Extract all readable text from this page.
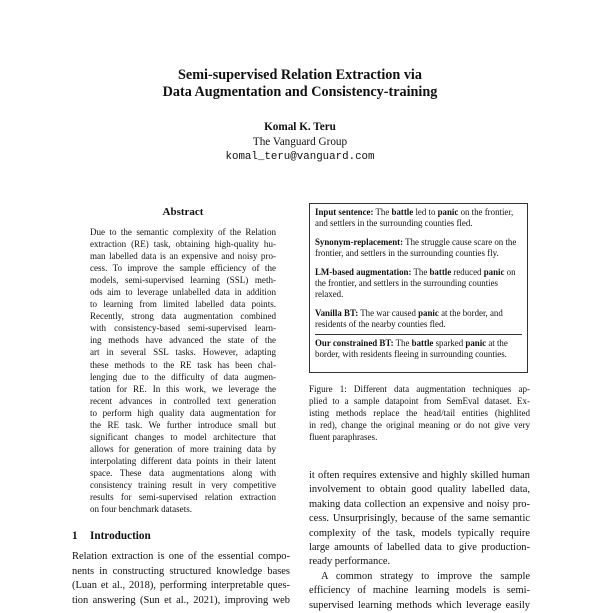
Semi-supervised Relation Extraction via
Data Augmentation and Consistency-training
Komal K. Teru
The Vanguard Group
komal_teru@vanguard.com
Abstract
Due to the semantic complexity of the Relation
extraction (RE) task, obtaining high-quality hu-
man labelled data is an expensive and noisy pro-
cess. To improve the sample efficiency of the
models, semi-supervised learning (SSL) meth-
ods aim to leverage unlabelled data in addition
to learning from limited labelled data points.
Recently, strong data augmentation combined
with consistency-based semi-supervised learn-
ing methods have advanced the state of the
art in several SSL tasks. However, adapting
these methods to the RE task has been chal-
lenging due to the difficulty of data augmen-
tation for RE. In this work, we leverage the
recent advances in controlled text generation
to perform high quality data augmentation for
the RE task. We further introduce small but
significant changes to model architecture that
allows for generation of more training data by
interpolating different data points in their latent
space. These data augmentations along with
consistency training result in very competitive
results for semi-supervised relation extraction
on four benchmark datasets.
1 Introduction
Relation extraction is one of the essential compo-
nents in constructing structured knowledge bases
(Luan et al., 2018), performing interpretable ques-
tion answering (Sun et al., 2021), improving web
Input sentence: The battle led to panic on the frontier, and settlers in the surrounding counties fled.
Synonym-replacement: The struggle cause scare on the frontier, and settlers in the surrounding counties fly.
LM-based augmentation: The battle reduced panic on the frontier, and settlers in the surrounding counties relaxed.
Vanilla BT: The war caused panic at the border, and residents of the nearby counties fled.
Our constrained BT: The battle sparked panic at the border, with residents fleeing in surrounding counties.
Figure 1: Different data augmentation techniques ap-
plied to a sample datapoint from SemEval dataset. Ex-
isting methods replace the head/tail entities (highlited
in red), change the original meaning or do not give very
fluent paraphrases.
it often requires extensive and highly skilled human
involvement to obtain good quality labelled data,
making data collection an expensive and noisy pro-
cess. Unsurprisingly, because of the same semantic
complexity of the task, models typically require
large amounts of labelled data to give production-
ready performance.
A common strategy to improve the sample
efficiency of machine learning models is semi-
supervised learning methods which leverage easily
